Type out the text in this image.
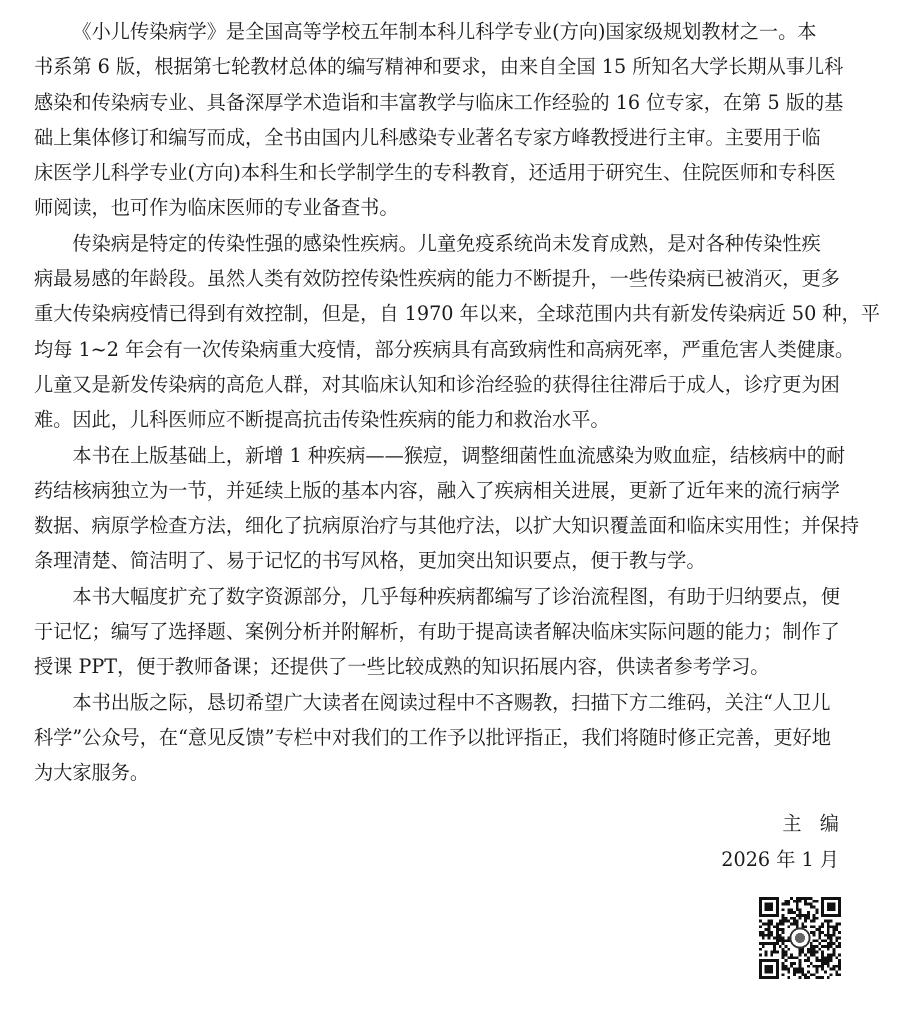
《小儿传染病学》是全国高等学校五年制本科儿科学专业(方向)国家级规划教材之一。本
书系第 6 版，根据第七轮教材总体的编写精神和要求，由来自全国 15 所知名大学长期从事儿科
感染和传染病专业、具备深厚学术造诣和丰富教学与临床工作经验的 16 位专家，在第 5 版的基
础上集体修订和编写而成，全书由国内儿科感染专业著名专家方峰教授进行主审。主要用于临
床医学儿科学专业(方向)本科生和长学制学生的专科教育，还适用于研究生、住院医师和专科医
师阅读，也可作为临床医师的专业备查书。

传染病是特定的传染性强的感染性疾病。儿童免疫系统尚未发育成熟，是对各种传染性疾
病最易感的年龄段。虽然人类有效防控传染性疾病的能力不断提升，一些传染病已被消灭，更多
重大传染病疫情已得到有效控制，但是，自 1970 年以来，全球范围内共有新发传染病近 50 种，平
均每 1~2 年会有一次传染病重大疫情，部分疾病具有高致病性和高病死率，严重危害人类健康。
儿童又是新发传染病的高危人群，对其临床认知和诊治经验的获得往往滞后于成人，诊疗更为困
难。因此，儿科医师应不断提高抗击传染性疾病的能力和救治水平。

本书在上版基础上，新增 1 种疾病——猴痘，调整细菌性血流感染为败血症，结核病中的耐
药结核病独立为一节，并延续上版的基本内容，融入了疾病相关进展，更新了近年来的流行病学
数据、病原学检查方法，细化了抗病原治疗与其他疗法，以扩大知识覆盖面和临床实用性；并保持
条理清楚、简洁明了、易于记忆的书写风格，更加突出知识要点，便于教与学。

本书大幅度扩充了数字资源部分，几乎每种疾病都编写了诊治流程图，有助于归纳要点，便
于记忆；编写了选择题、案例分析并附解析，有助于提高读者解决临床实际问题的能力；制作了
授课 PPT，便于教师备课；还提供了一些比较成熟的知识拓展内容，供读者参考学习。

本书出版之际，恳切希望广大读者在阅读过程中不吝赐教，扫描下方二维码，关注“人卫儿
科学”公众号，在“意见反馈”专栏中对我们的工作予以批评指正，我们将随时修正完善，更好地
为大家服务。

主编
2026 年 1 月
